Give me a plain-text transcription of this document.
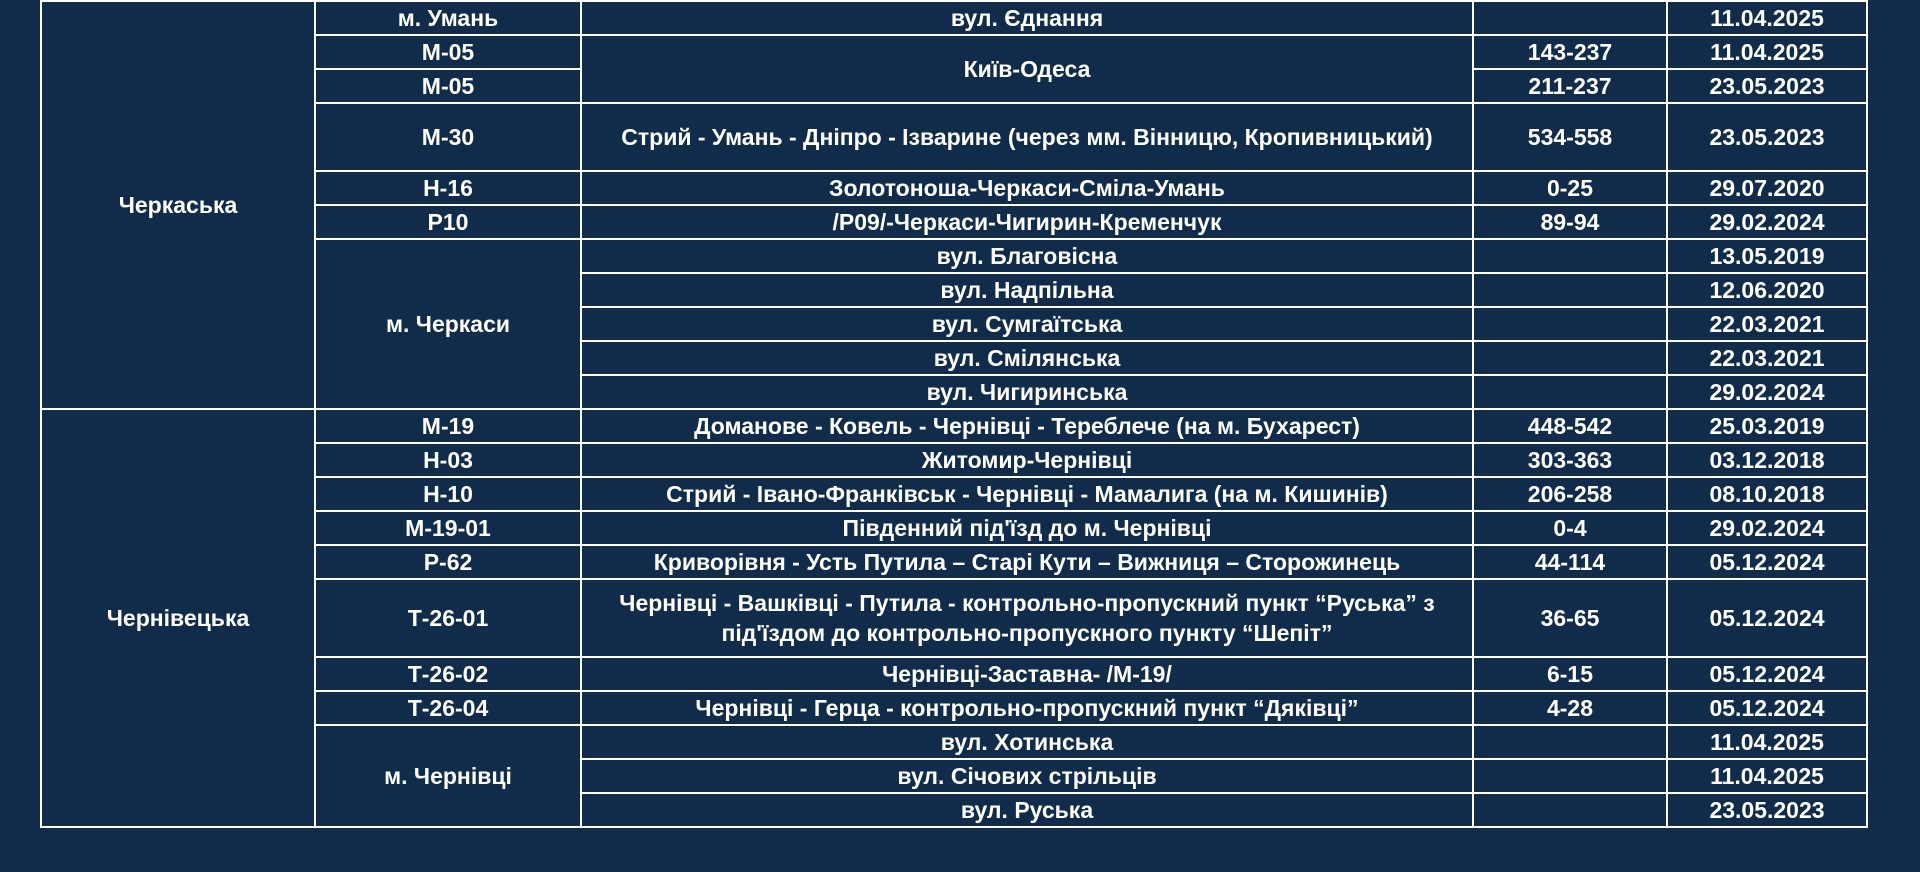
Черкаська	м. Умань	вул. Єднання		11.04.2025
	М-05	Київ-Одеса	143-237	11.04.2025
	М-05		211-237	23.05.2023
	М-30	Стрий - Умань - Дніпро - Ізварине (через мм. Вінницю, Кропивницький)	534-558	23.05.2023
	Н-16	Золотоноша-Черкаси-Сміла-Умань	0-25	29.07.2020
	Р10	/Р09/-Черкаси-Чигирин-Кременчук	89-94	29.02.2024
	м. Черкаси	вул. Благовісна		13.05.2019
		вул. Надпільна		12.06.2020
		вул. Сумгаїтська		22.03.2021
		вул. Смілянська		22.03.2021
		вул. Чигиринська		29.02.2024
Чернівецька	М-19	Доманове - Ковель - Чернівці - Тереблече (на м. Бухарест)	448-542	25.03.2019
	Н-03	Житомир-Чернівці	303-363	03.12.2018
	Н-10	Стрий - Івано-Франківськ - Чернівці - Мамалига (на м. Кишинів)	206-258	08.10.2018
	М-19-01	Південний під'їзд до м. Чернівці	0-4	29.02.2024
	Р-62	Криворівня - Усть Путила – Старі Кути – Вижниця – Сторожинець	44-114	05.12.2024
	Т-26-01	Чернівці - Вашківці - Путила - контрольно-пропускний пункт “Руська” з під'їздом до контрольно-пропускного пункту “Шепіт”	36-65	05.12.2024
	Т-26-02	Чернівці-Заставна- /М-19/	6-15	05.12.2024
	Т-26-04	Чернівці - Герца - контрольно-пропускний пункт “Дяківці”	4-28	05.12.2024
	м. Чернівці	вул. Хотинська		11.04.2025
		вул. Січових стрільців		11.04.2025
		вул. Руська		23.05.2023
